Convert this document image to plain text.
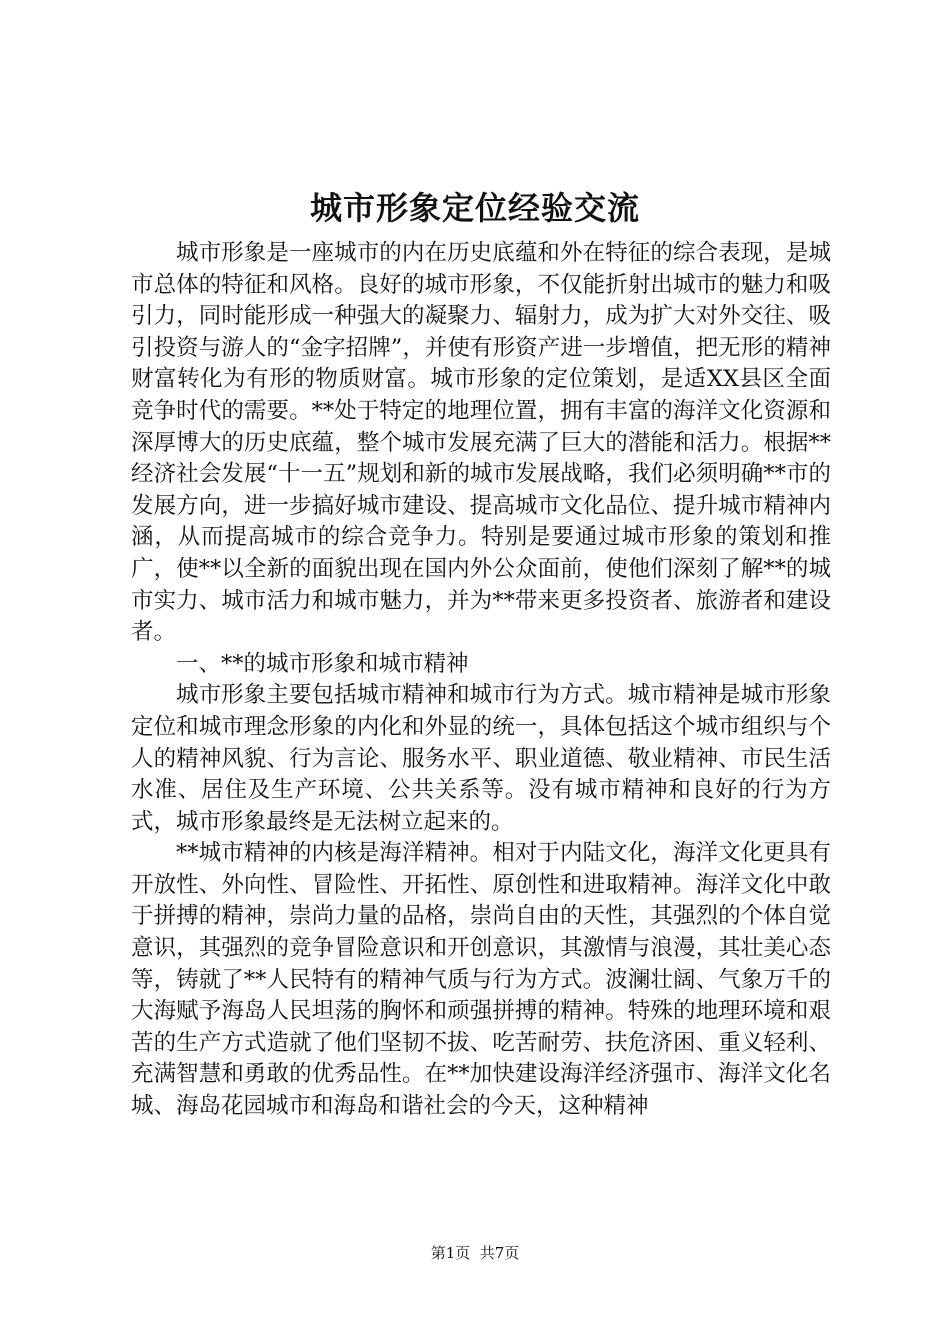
城市形象定位经验交流

城市形象是一座城市的内在历史底蕴和外在特征的综合表现，是城市总体的特征和风格。良好的城市形象，不仅能折射出城市的魅力和吸引力，同时能形成一种强大的凝聚力、辐射力，成为扩大对外交往、吸引投资与游人的“金字招牌”，并使有形资产进一步增值，把无形的精神财富转化为有形的物质财富。城市形象的定位策划，是适XX县区全面竞争时代的需要。**处于特定的地理位置，拥有丰富的海洋文化资源和深厚博大的历史底蕴，整个城市发展充满了巨大的潜能和活力。根据**经济社会发展“十一五”规划和新的城市发展战略，我们必须明确**市的发展方向，进一步搞好城市建设、提高城市文化品位、提升城市精神内涵，从而提高城市的综合竞争力。特别是要通过城市形象的策划和推广，使**以全新的面貌出现在国内外公众面前，使他们深刻了解**的城市实力、城市活力和城市魅力，并为**带来更多投资者、旅游者和建设者。

一、**的城市形象和城市精神

城市形象主要包括城市精神和城市行为方式。城市精神是城市形象定位和城市理念形象的内化和外显的统一，具体包括这个城市组织与个人的精神风貌、行为言论、服务水平、职业道德、敬业精神、市民生活水准、居住及生产环境、公共关系等。没有城市精神和良好的行为方式，城市形象最终是无法树立起来的。

**城市精神的内核是海洋精神。相对于内陆文化，海洋文化更具有开放性、外向性、冒险性、开拓性、原创性和进取精神。海洋文化中敢于拼搏的精神，崇尚力量的品格，崇尚自由的天性，其强烈的个体自觉意识，其强烈的竞争冒险意识和开创意识，其激情与浪漫，其壮美心态等，铸就了**人民特有的精神气质与行为方式。波澜壮阔、气象万千的大海赋予海岛人民坦荡的胸怀和顽强拼搏的精神。特殊的地理环境和艰苦的生产方式造就了他们坚韧不拔、吃苦耐劳、扶危济困、重义轻利、充满智慧和勇敢的优秀品性。在**加快建设海洋经济强市、海洋文化名城、海岛花园城市和海岛和谐社会的今天，这种精神

第1页  共7页
